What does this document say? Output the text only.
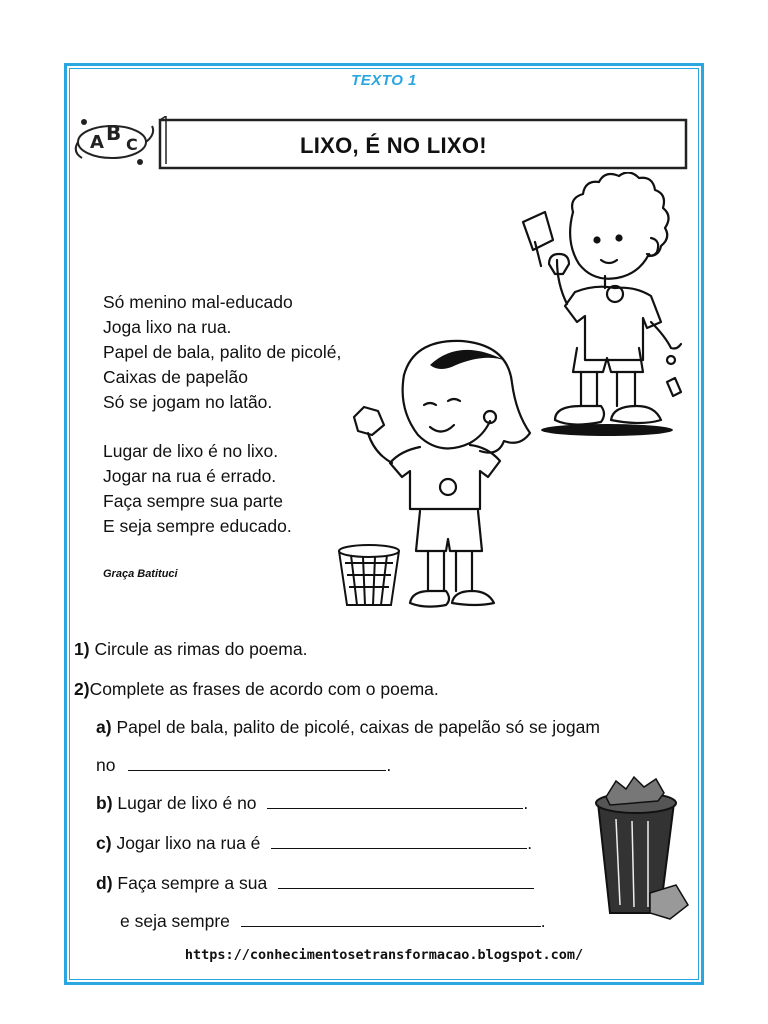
TEXTO 1
A B C	LIXO, É NO LIXO!
Só menino mal-educado
Joga lixo na rua.
Papel de bala, palito de picolé,
Caixas de papelão
Só se jogam no latão.
Lugar de lixo é no lixo.
Jogar na rua é errado.
Faça sempre sua parte
E seja sempre educado.
Graça Batituci
1) Circule as rimas do poema.
2)Complete as frases de acordo com o poema.
a) Papel de bala, palito de picolé, caixas de papelão só se jogam
no	.
b) Lugar de lixo é no	.
c) Jogar lixo na rua é	.
d) Faça sempre a sua
e seja sempre	.
https://conhecimentosetransformacao.blogspot.com/
